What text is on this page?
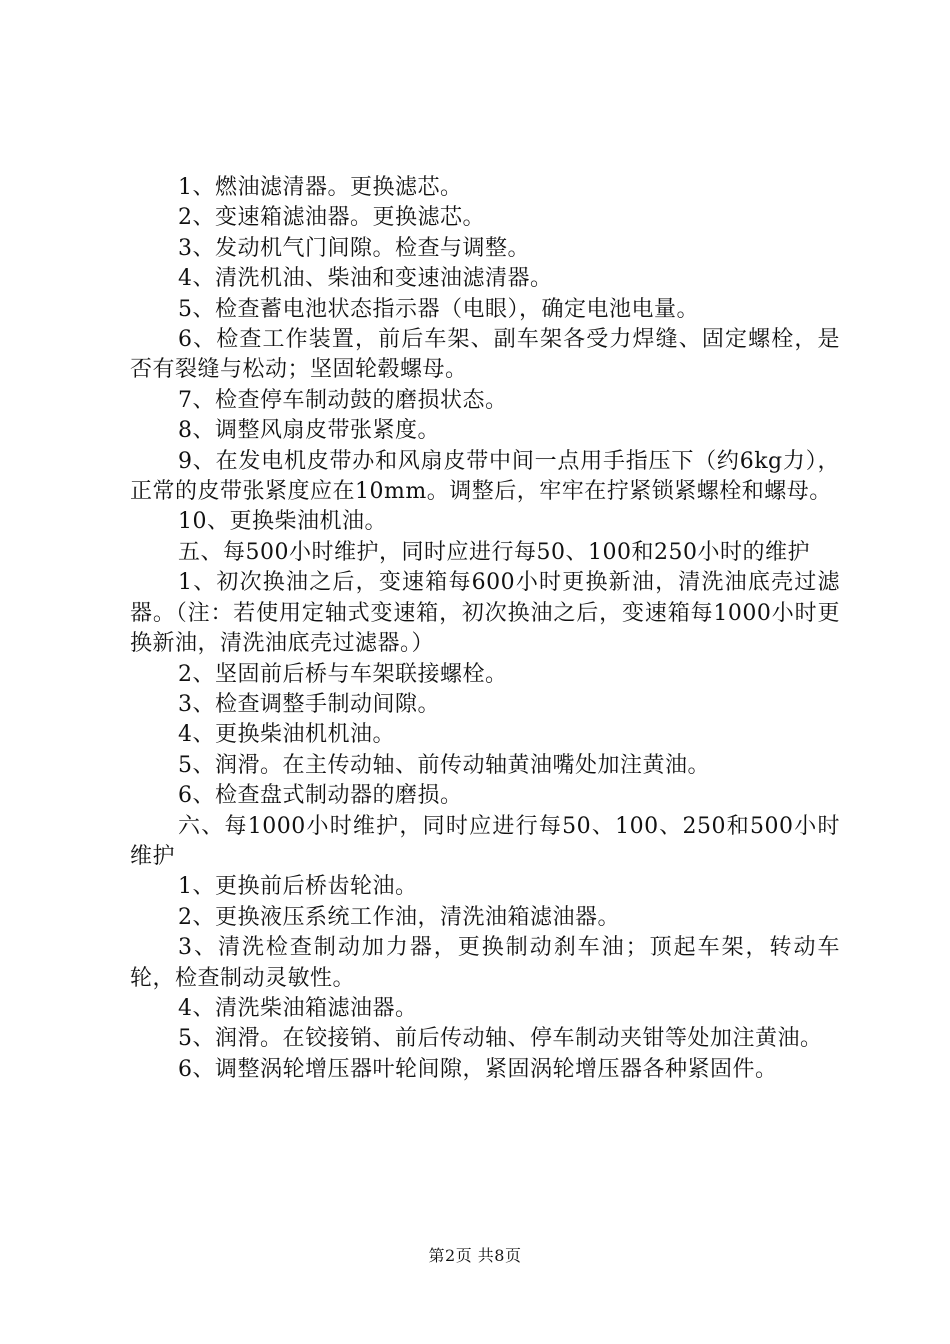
1、燃油滤清器。更换滤芯。

2、变速箱滤油器。更换滤芯。

3、发动机气门间隙。检查与调整。

4、清洗机油、柴油和变速油滤清器。

5、检查蓄电池状态指示器（电眼），确定电池电量。

6、检查工作装置，前后车架、副车架各受力焊缝、固定螺栓，是否有裂缝与松动；坚固轮毂螺母。

7、检查停车制动鼓的磨损状态。

8、调整风扇皮带张紧度。

9、在发电机皮带办和风扇皮带中间一点用手指压下（约6kg力），正常的皮带张紧度应在10mm。调整后，牢牢在拧紧锁紧螺栓和螺母。

10、更换柴油机油。

五、每500小时维护，同时应进行每50、100和250小时的维护

1、初次换油之后，变速箱每600小时更换新油，清洗油底壳过滤器。（注：若使用定轴式变速箱，初次换油之后，变速箱每1000小时更换新油，清洗油底壳过滤器。）

2、坚固前后桥与车架联接螺栓。

3、检查调整手制动间隙。

4、更换柴油机机油。

5、润滑。在主传动轴、前传动轴黄油嘴处加注黄油。

6、检查盘式制动器的磨损。

六、每1000小时维护，同时应进行每50、100、250和500小时维护

1、更换前后桥齿轮油。

2、更换液压系统工作油，清洗油箱滤油器。

3、清洗检查制动加力器，更换制动刹车油；顶起车架，转动车轮，检查制动灵敏性。

4、清洗柴油箱滤油器。

5、润滑。在铰接销、前后传动轴、停车制动夹钳等处加注黄油。

6、调整涡轮增压器叶轮间隙，紧固涡轮增压器各种紧固件。

第2页 共8页
